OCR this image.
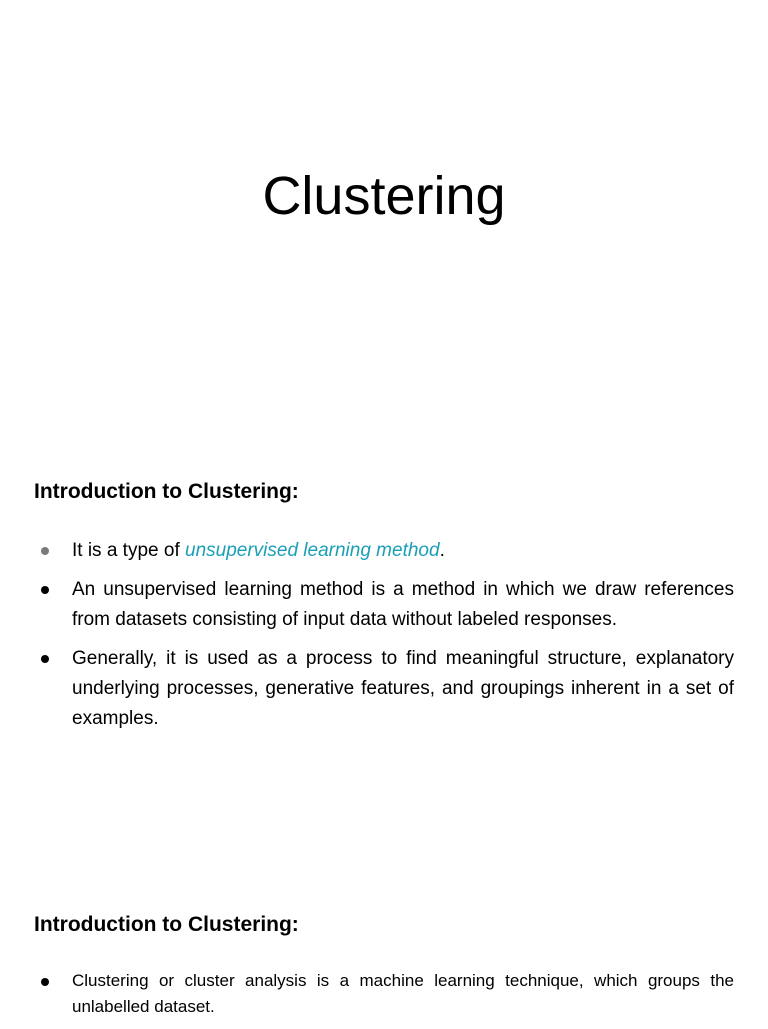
Clustering
Introduction to Clustering:
It is a type of unsupervised learning method.
An unsupervised learning method is a method in which we draw references from datasets consisting of input data without labeled responses.
Generally, it is used as a process to find meaningful structure, explanatory underlying processes, generative features, and groupings inherent in a set of examples.
Introduction to Clustering:
Clustering or cluster analysis is a machine learning technique, which groups the unlabelled dataset.
